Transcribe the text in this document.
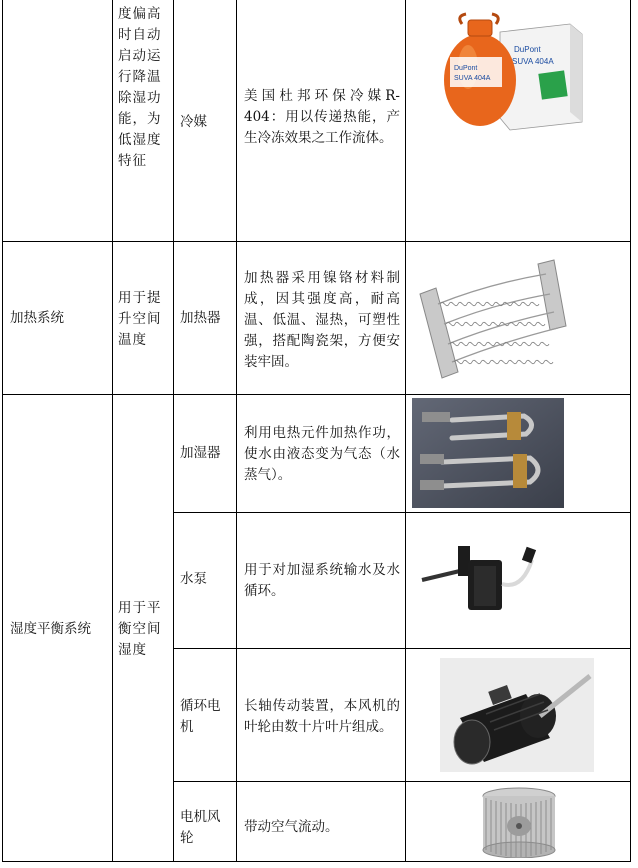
度偏高时自动启动运行降温除湿功能，为低湿度特征
冷媒
美国杜邦环保冷媒R-404：用以传递热能，产生冷冻效果之工作流体。
DuPont
SUVA 404A
DuPont
SUVA 404A
加热系统
用于提升空间温度
加热器
加热器采用镍铬材料制成，因其强度高，耐高温、低温、湿热，可塑性强，搭配陶瓷架，方便安装牢固。
湿度平衡系统
用于平衡空间湿度
加湿器
利用电热元件加热作功，使水由液态变为气态（水蒸气）。
水泵
用于对加湿系统输水及水循环。
循环电机
长轴传动装置，本风机的叶轮由数十片叶片组成。
电机风轮
带动空气流动。
